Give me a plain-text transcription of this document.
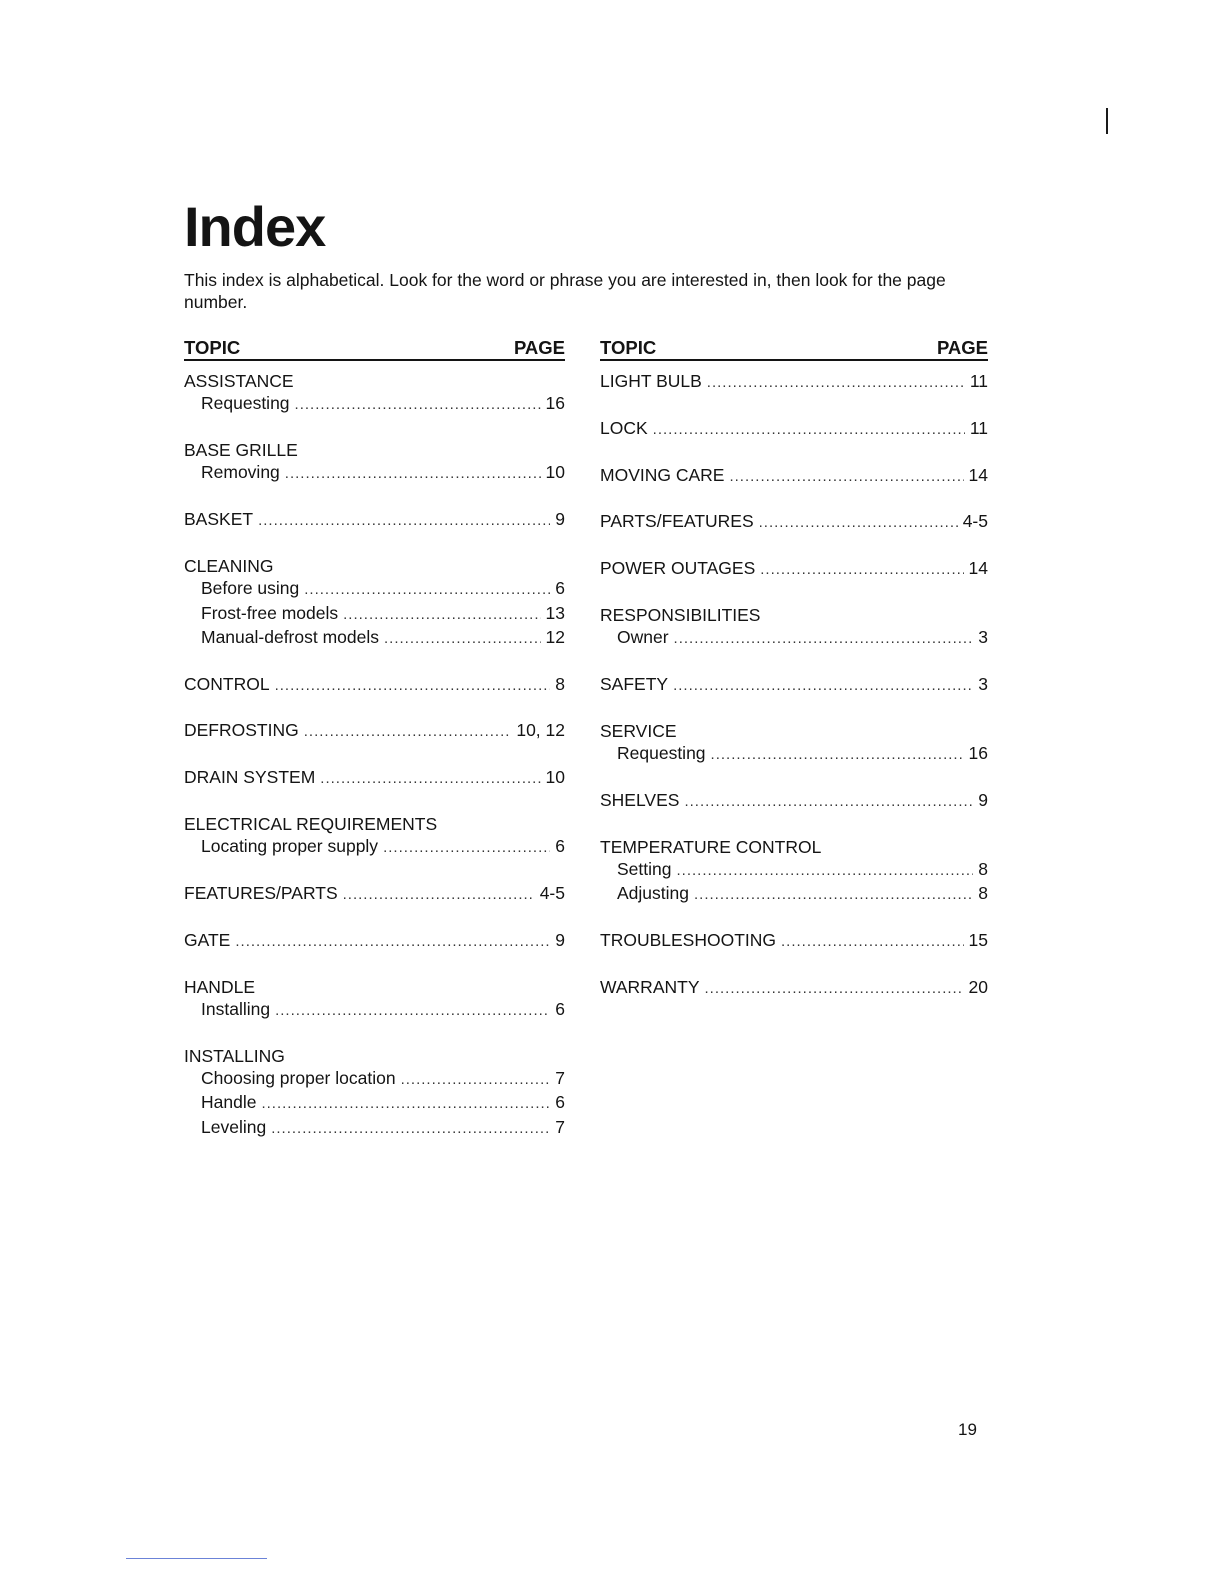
Index

This index is alphabetical. Look for the word or phrase you are interested in, then look for the page number.

TOPIC	PAGE
ASSISTANCE
Requesting .....	16
BASE GRILLE
Removing .....	10
BASKET .....	9
CLEANING
Before using .....	6
Frost-free models .....	13
Manual-defrost models .....	12
CONTROL .....	8
DEFROSTING .....	10, 12
DRAIN SYSTEM .....	10
ELECTRICAL REQUIREMENTS
Locating proper supply .....	6
FEATURES/PARTS .....	4-5
GATE .....	9
HANDLE
Installing .....	6
INSTALLING
Choosing proper location .....	7
Handle .....	6
Leveling .....	7
TOPIC	PAGE
LIGHT BULB .....	11
LOCK .....	11
MOVING CARE .....	14
PARTS/FEATURES .....	4-5
POWER OUTAGES .....	14
RESPONSIBILITIES
Owner .....	3
SAFETY .....	3
SERVICE
Requesting .....	16
SHELVES .....	9
TEMPERATURE CONTROL
Setting .....	8
Adjusting .....	8
TROUBLESHOOTING .....	15
WARRANTY .....	20
19
